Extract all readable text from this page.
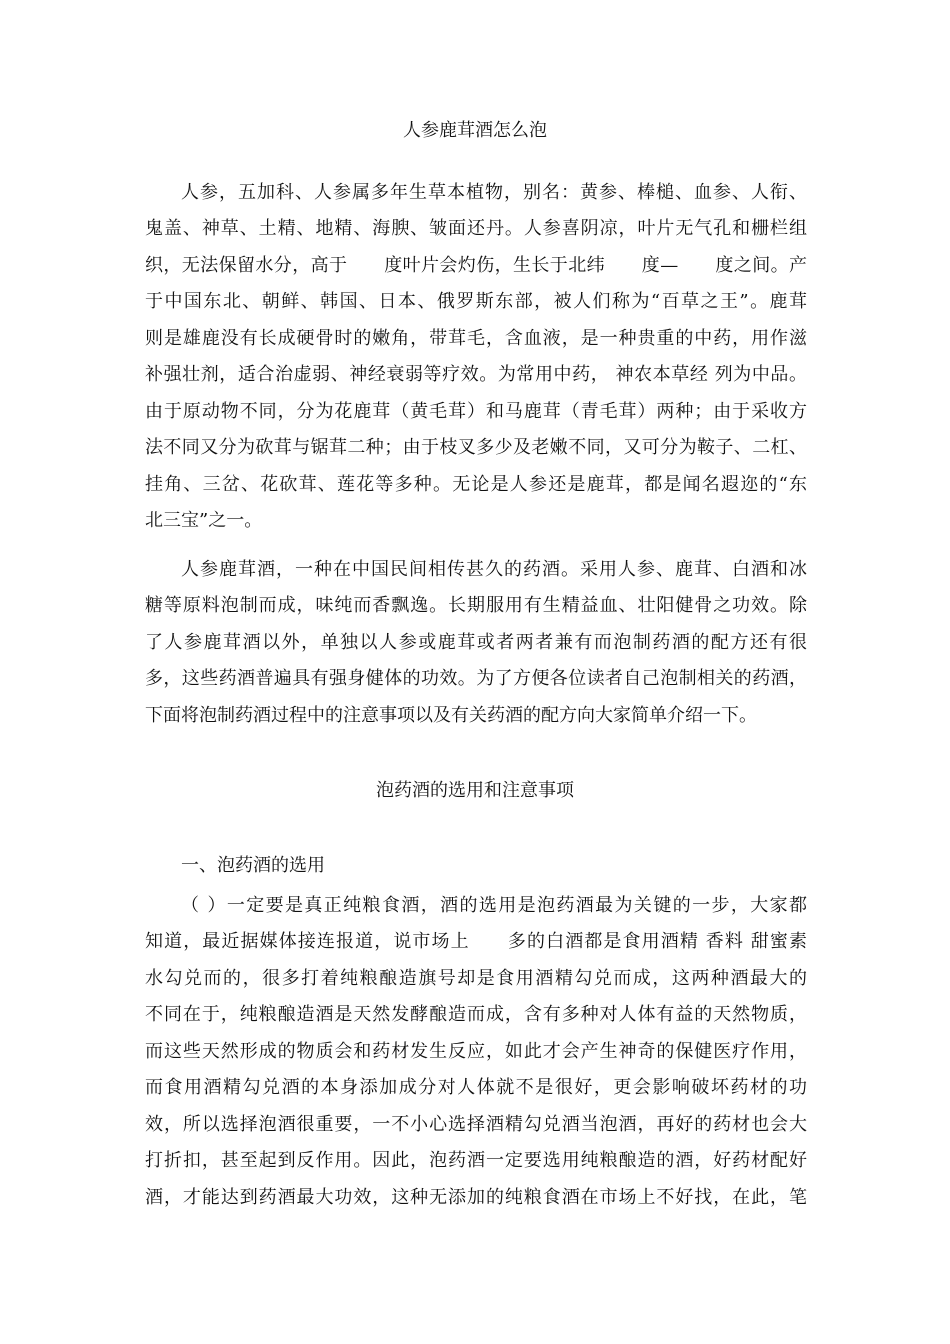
人参鹿茸酒怎么泡
人参，五加科、人参属多年生草本植物，别名：黄参、棒槌、血参、人衔、
鬼盖、神草、土精、地精、海腴、皱面还丹。人参喜阴凉，叶片无气孔和栅栏组
织，无法保留水分，高于　　度叶片会灼伤，生长于北纬　　度—　　度之间。产
于中国东北、朝鲜、韩国、日本、俄罗斯东部，被人们称为“百草之王”。鹿茸
则是雄鹿没有长成硬骨时的嫩角，带茸毛，含血液，是一种贵重的中药，用作滋
补强壮剂，适合治虚弱、神经衰弱等疗效。为常用中药， 神农本草经 列为中品。
由于原动物不同，分为花鹿茸（黄毛茸）和马鹿茸（青毛茸）两种；由于采收方
法不同又分为砍茸与锯茸二种；由于枝叉多少及老嫩不同，又可分为鞍子、二杠、
挂角、三岔、花砍茸、莲花等多种。无论是人参还是鹿茸，都是闻名遐迩的“东
北三宝”之一。
人参鹿茸酒，一种在中国民间相传甚久的药酒。采用人参、鹿茸、白酒和冰
糖等原料泡制而成，味纯而香飘逸。长期服用有生精益血、壮阳健骨之功效。除
了人参鹿茸酒以外，单独以人参或鹿茸或者两者兼有而泡制药酒的配方还有很
多，这些药酒普遍具有强身健体的功效。为了方便各位读者自己泡制相关的药酒，
下面将泡制药酒过程中的注意事项以及有关药酒的配方向大家简单介绍一下。
泡药酒的选用和注意事项
一、泡药酒的选用
（ ）一定要是真正纯粮食酒，酒的选用是泡药酒最为关键的一步，大家都
知道，最近据媒体接连报道，说市场上　　多的白酒都是食用酒精 香料 甜蜜素
水勾兑而的，很多打着纯粮酿造旗号却是食用酒精勾兑而成，这两种酒最大的
不同在于，纯粮酿造酒是天然发酵酿造而成，含有多种对人体有益的天然物质，
而这些天然形成的物质会和药材发生反应，如此才会产生神奇的保健医疗作用，
而食用酒精勾兑酒的本身添加成分对人体就不是很好，更会影响破坏药材的功
效，所以选择泡酒很重要，一不小心选择酒精勾兑酒当泡酒，再好的药材也会大
打折扣，甚至起到反作用。因此，泡药酒一定要选用纯粮酿造的酒，好药材配好
酒，才能达到药酒最大功效，这种无添加的纯粮食酒在市场上不好找，在此，笔
